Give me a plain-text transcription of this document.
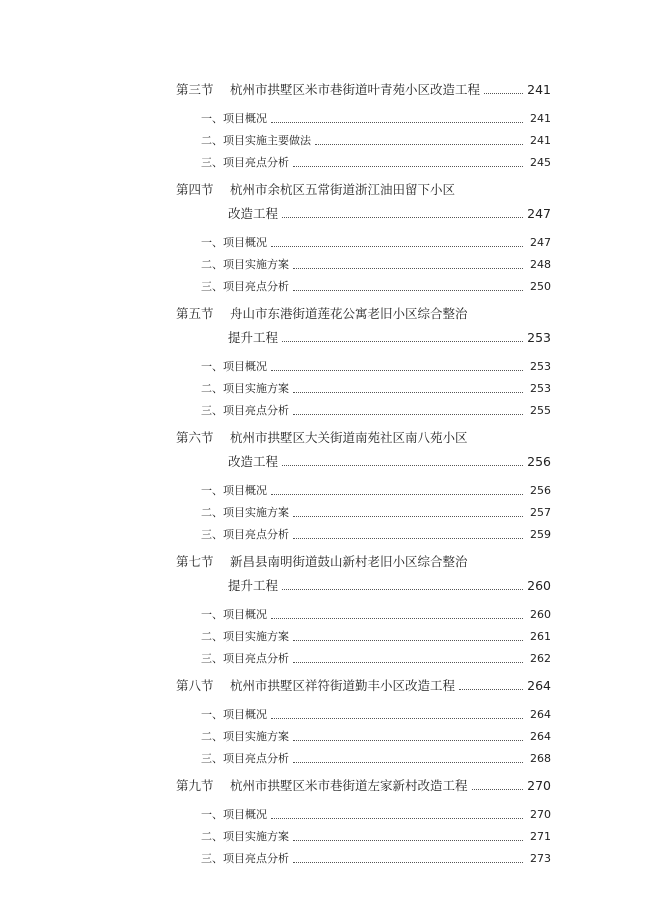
第三节	杭州市拱墅区米市巷街道叶青苑小区改造工程	241
一、项目概况	241
二、项目实施主要做法	241
三、项目亮点分析	245
第四节	杭州市余杭区五常街道浙江油田留下小区
改造工程	247
一、项目概况	247
二、项目实施方案	248
三、项目亮点分析	250
第五节	舟山市东港街道莲花公寓老旧小区综合整治
提升工程	253
一、项目概况	253
二、项目实施方案	253
三、项目亮点分析	255
第六节	杭州市拱墅区大关街道南苑社区南八苑小区
改造工程	256
一、项目概况	256
二、项目实施方案	257
三、项目亮点分析	259
第七节	新昌县南明街道鼓山新村老旧小区综合整治
提升工程	260
一、项目概况	260
二、项目实施方案	261
三、项目亮点分析	262
第八节	杭州市拱墅区祥符街道勤丰小区改造工程	264
一、项目概况	264
二、项目实施方案	264
三、项目亮点分析	268
第九节	杭州市拱墅区米市巷街道左家新村改造工程	270
一、项目概况	270
二、项目实施方案	271
三、项目亮点分析	273
